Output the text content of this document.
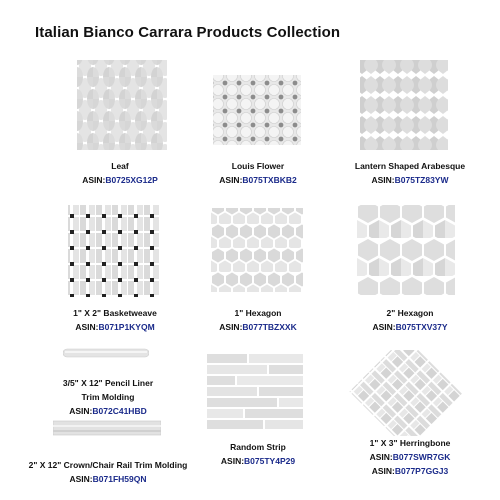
Italian Bianco Carrara Products Collection
Leaf
ASIN:B0725XG12P
Louis Flower
ASIN:B075TXBKB2
Lantern Shaped Arabesque
ASIN:B075TZ83YW
1" X 2" Basketweave
ASIN:B071P1KYQM
1" Hexagon
ASIN:B077TBZXXK
2" Hexagon
ASIN:B075TXV37Y
3/5" X 12" Pencil Liner
Trim Molding
ASIN:B072C41HBD
2" X 12" Crown/Chair Rail Trim Molding
ASIN:B071FH59QN
Random Strip
ASIN:B075TY4P29
1" X 3" Herringbone
ASIN:B077SWR7GK
ASIN:B077P7GGJ3
